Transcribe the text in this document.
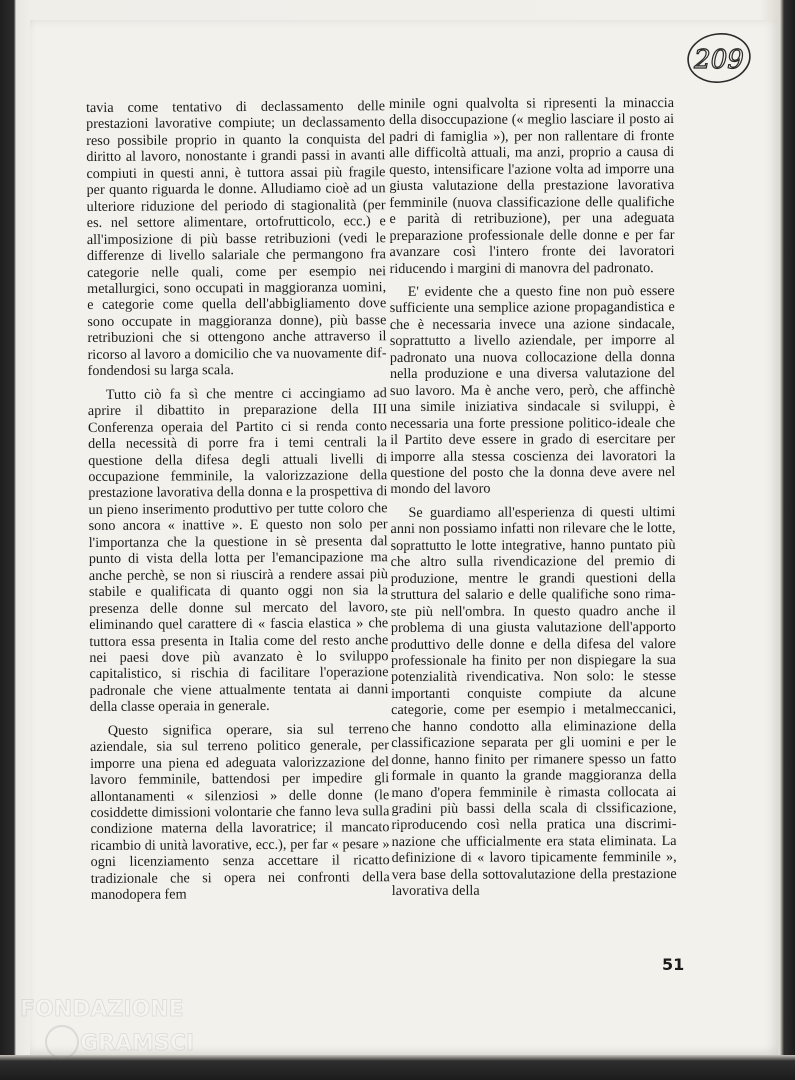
209

tavia come tentativo di declassamento delle prestazioni lavorative compiute; un declassamento reso possibile proprio in quanto la conquista del diritto al lavoro, nonostante i grandi passi in avanti compiuti in questi anni, è tuttora assai più fragile per quanto riguarda le donne. Alludiamo cioè ad un ulteriore riduzione del periodo di stagionalità (per es. nel settore alimentare, ortofrutticolo, ecc.) e all'imposizione di più basse retribuzioni (vedi le differenze di livello salariale che permangono fra categorie nelle quali, come per esempio nei metallurgici, sono occupati in maggioranza uomini, e categorie come quella dell'abbigliamento dove sono occupate in maggioranza donne), più basse retribuzioni che si ottengono anche attraverso il ricorso al lavoro a domicilio che va nuovamente diffondendosi su larga scala.

Tutto ciò fa sì che mentre ci accingiamo ad aprire il dibattito in preparazione della III Conferenza operaia del Partito ci si renda conto della necessità di porre fra i temi centrali la questione della difesa degli attuali livelli di occupazione femminile, la valorizzazione della prestazione lavorativa della donna e la prospettiva di un pieno inserimento produttivo per tutte coloro che sono ancora « inattive ». E questo non solo per l'importanza che la questione in sè presenta dal punto di vista della lotta per l'emancipazione ma anche perchè, se non si riuscirà a rendere assai più stabile e qualificata di quanto oggi non sia la presenza delle donne sul mercato del lavoro, eliminando quel carattere di « fascia elastica » che tuttora essa presenta in Italia come del resto anche nei paesi dove più avanzato è lo sviluppo capitalistico, si rischia di facilitare l'operazione padronale che viene attualmente tentata ai danni della classe operaia in generale.

Questo significa operare, sia sul terreno aziendale, sia sul terreno politico generale, per imporre una piena ed adeguata valorizzazione del lavoro femminile, battendosi per impedire gli allontanamenti « silenziosi » delle donne (le cosiddette dimissioni volontarie che fanno leva sulla condizione materna della lavoratrice; il mancato ricambio di unità lavorative, ecc.), per far « pesare » ogni licenziamento senza accettare il ricatto tradizionale che si opera nei confronti della manodopera fem

minile ogni qualvolta si ripresenti la minaccia della disoccupazione (« meglio lasciare il posto ai padri di famiglia »), per non rallentare di fronte alle difficoltà attuali, ma anzi, proprio a causa di questo, intensificare l'azione volta ad imporre una giusta valutazione della prestazione lavorativa femminile (nuova classificazione delle qualifiche e parità di retribuzione), per una adeguata preparazione professionale delle donne e per far avanzare così l'intero fronte dei lavoratori riducendo i margini di manovra del padronato.

E' evidente che a questo fine non può essere sufficiente una semplice azione propagandistica e che è necessaria invece una azione sindacale, soprattutto a livello aziendale, per imporre al padronato una nuova collocazione della donna nella produzione e una diversa valutazione del suo lavoro. Ma è anche vero, però, che affinchè una simile iniziativa sindacale si sviluppi, è necessaria una forte pressione politico-ideale che il Partito deve essere in grado di esercitare per imporre alla stessa coscienza dei lavoratori la questione del posto che la donna deve avere nel mondo del lavoro

Se guardiamo all'esperienza di questi ultimi anni non possiamo infatti non rilevare che le lotte, soprattutto le lotte integrative, hanno puntato più che altro sulla rivendicazione del premio di produzione, mentre le grandi questioni della struttura del salario e delle qualifiche sono rimaste più nell'ombra. In questo quadro anche il problema di una giusta valutazione dell'apporto produttivo delle donne e della difesa del valore professionale ha finito per non dispiegare la sua potenzialità rivendicativa. Non solo: le stesse importanti conquiste compiute da alcune categorie, come per esempio i metalmeccanici, che hanno condotto alla eliminazione della classificazione separata per gli uomini e per le donne, hanno finito per rimanere spesso un fatto formale in quanto la grande maggioranza della mano d'opera femminile è rimasta collocata ai gradini più bassi della scala di clssificazione, riproducendo così nella pratica una discriminazione che ufficialmente era stata eliminata. La definizione di « lavoro tipicamente femminile », vera base della sottovalutazione della prestazione lavorativa della

51
FONDAZIONE
GRAMSCI
